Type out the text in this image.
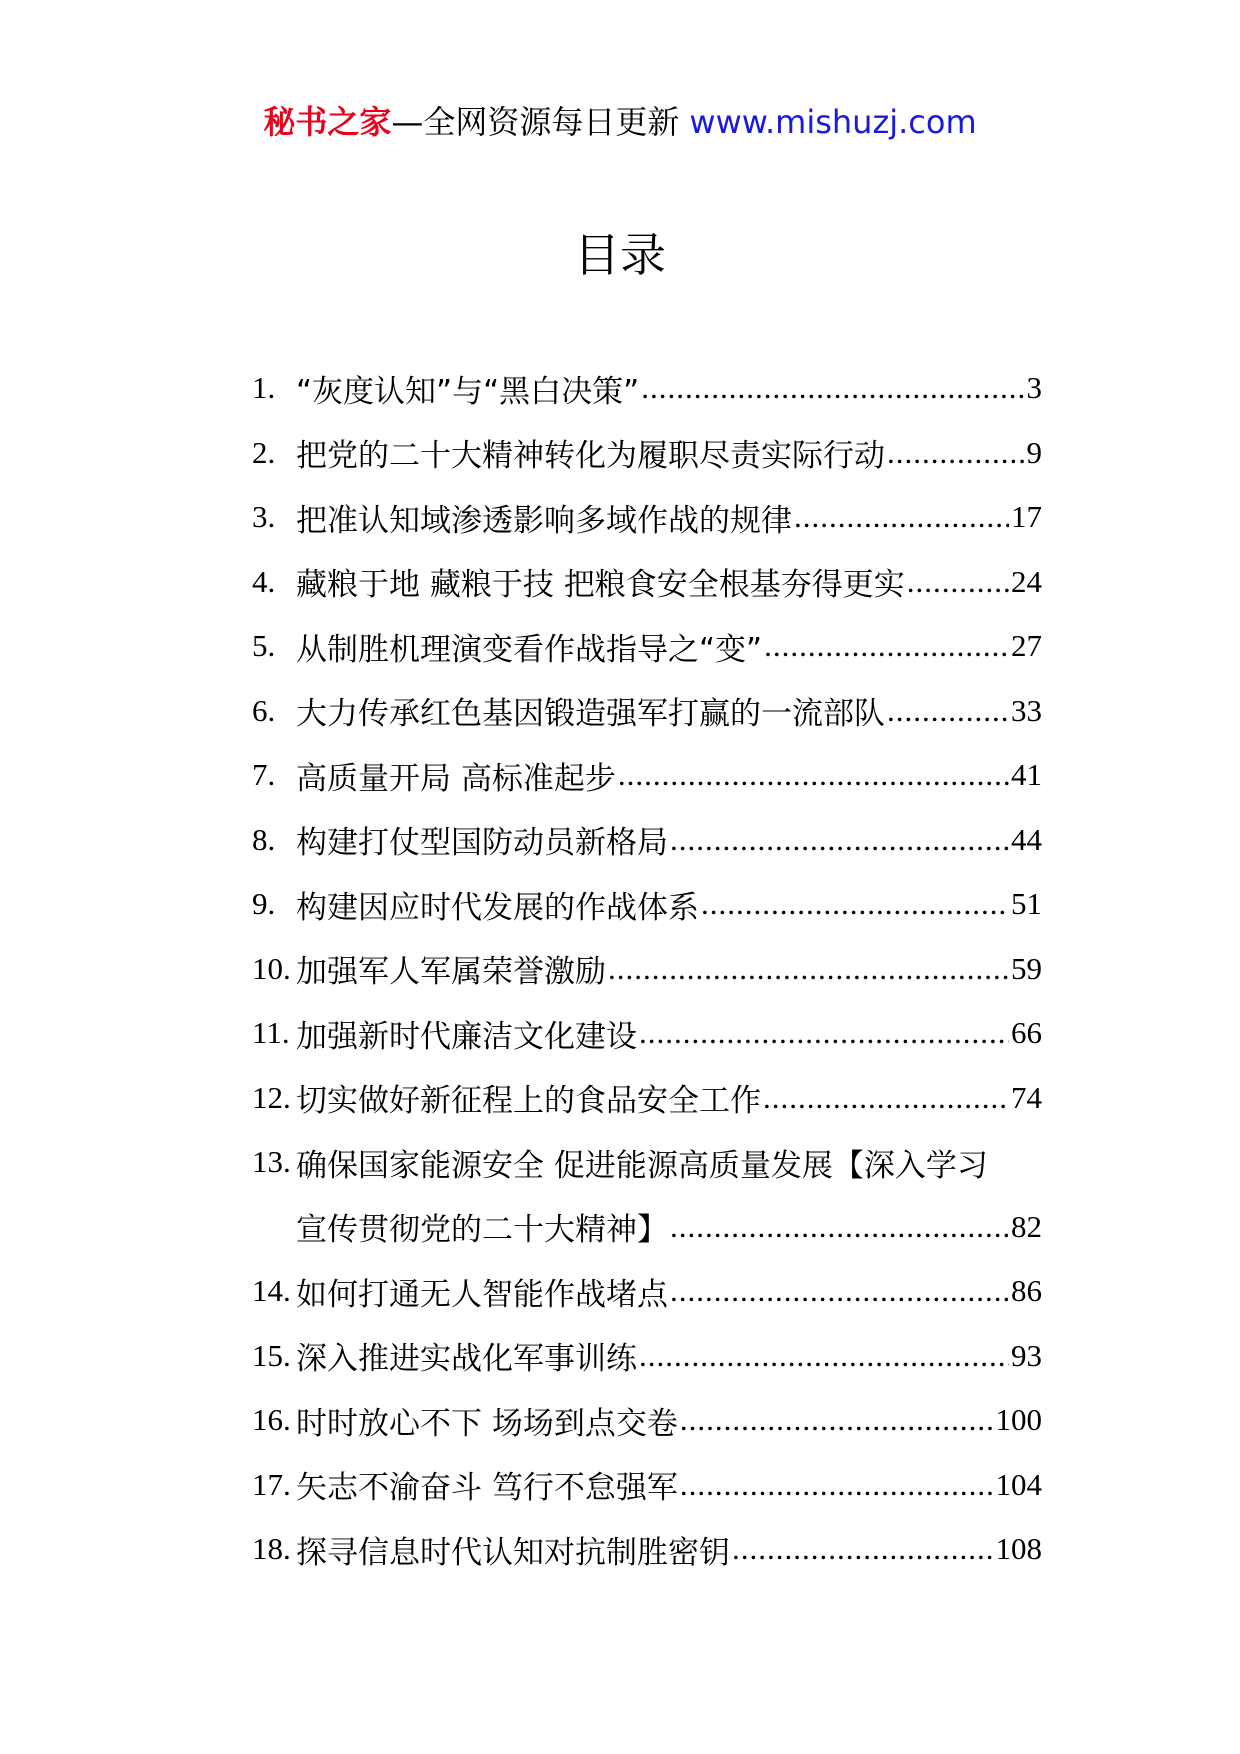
秘书之家—全网资源每日更新 www.mishuzj.com
目录
1. “灰度认知”与“黑白决策” .....	3
2. 把党的二十大精神转化为履职尽责实际行动 .....	9
3. 把准认知域渗透影响多域作战的规律 .....	17
4. 藏粮于地 藏粮于技 把粮食安全根基夯得更实 .....	24
5. 从制胜机理演变看作战指导之“变” .....	27
6. 大力传承红色基因锻造强军打赢的一流部队 .....	33
7. 高质量开局 高标准起步 .....	41
8. 构建打仗型国防动员新格局 .....	44
9. 构建因应时代发展的作战体系 .....	51
10. 加强军人军属荣誉激励 .....	59
11. 加强新时代廉洁文化建设 .....	66
12. 切实做好新征程上的食品安全工作 .....	74
13. 确保国家能源安全 促进能源高质量发展【深入学习
宣传贯彻党的二十大精神】 .....	82
14. 如何打通无人智能作战堵点 .....	86
15. 深入推进实战化军事训练 .....	93
16. 时时放心不下 场场到点交卷 .....	100
17. 矢志不渝奋斗 笃行不怠强军 .....	104
18. 探寻信息时代认知对抗制胜密钥 .....	108
